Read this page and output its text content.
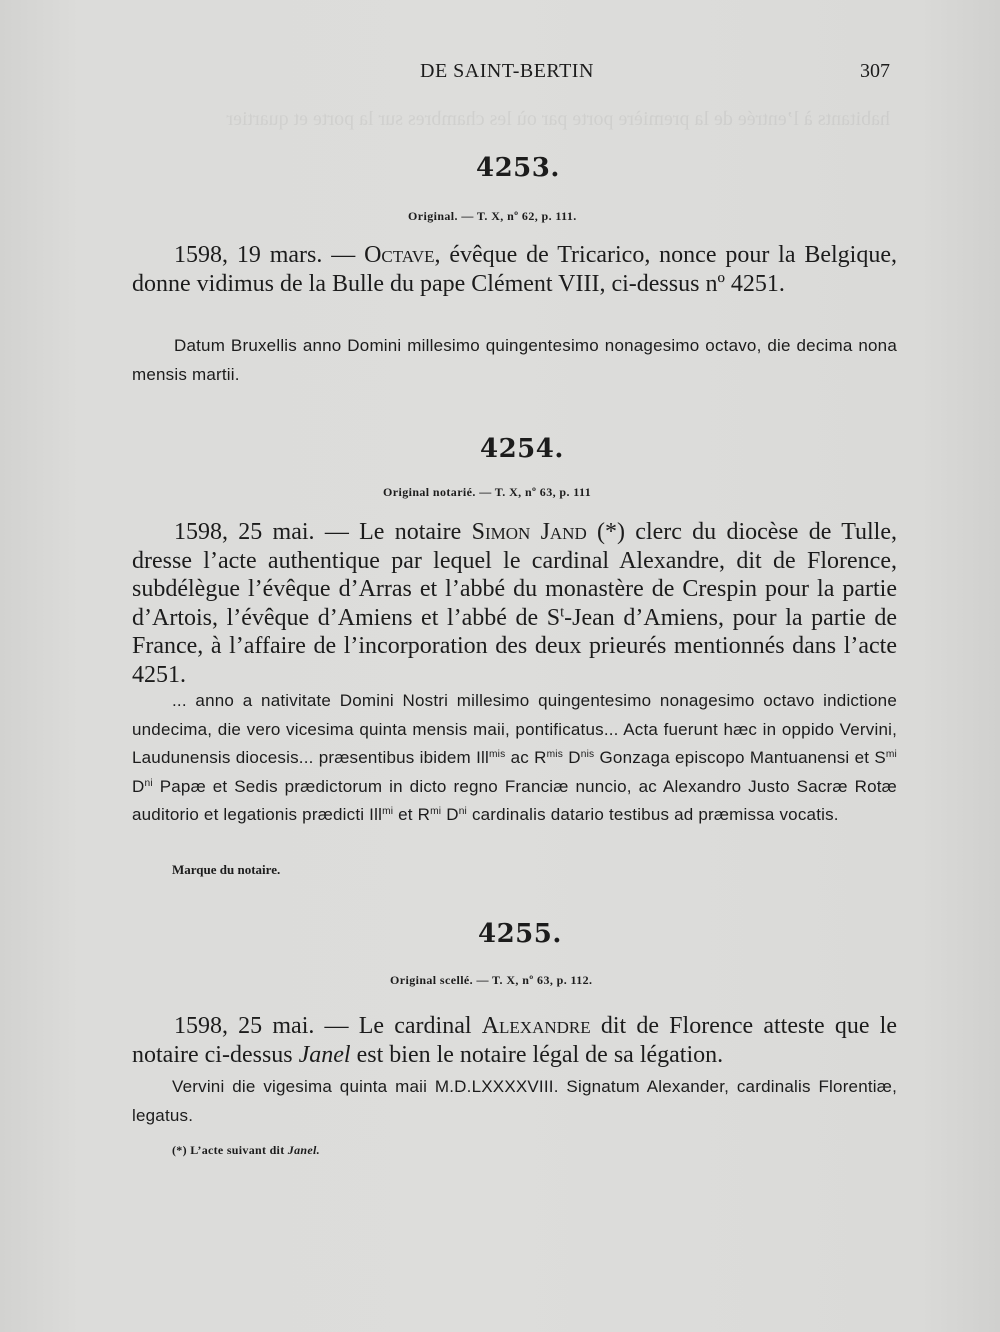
habitants à l’entrée de la première porte par où les chambres sur la porte et quartier
DE SAINT-BERTIN	307
4253.
Original. — T. X, nº 62, p. 111.
1598, 19 mars. — Octave, évêque de Tricarico, nonce pour la Belgique, donne vidimus de la Bulle du pape Clément VIII, ci-dessus nº 4251.
Datum Bruxellis anno Domini millesimo quingentesimo nonagesimo octavo, die decima nona mensis martii.
4254.
Original notarié. — T. X, nº 63, p. 111
1598, 25 mai. — Le notaire Simon Jand (*) clerc du diocèse de Tulle, dresse l’acte authentique par lequel le cardinal Alexandre, dit de Florence, subdélègue l’évêque d’Arras et l’abbé du monastère de Crespin pour la partie d’Artois, l’évêque d’Amiens et l’abbé de $S^t$-Jean d’Amiens, pour la partie de France, à l’affaire de l’incorporation des deux prieurés mentionnés dans l’acte 4251.
... anno a nativitate Domini Nostri millesimo quingentesimo nonagesimo octavo indictione undecima, die vero vicesima quinta mensis maii, pontificatus... Acta fuerunt hæc in oppido Vervini, Laudunensis diocesis... præsentibus ibidem Ill$^{mis}$ ac $R^{mis}$ $D^{nis}$ Gonzaga episcopo Mantuanensi et $S^{mi}$ $D^{ni}$ Papæ et Sedis prædictorum in dicto regno Franciæ nuncio, ac Alexandro Justo Sacræ Rotæ auditorio et legationis prædicti Ill$^{mi}$ et $R^{mi}$ $D^{ni}$ cardinalis datario testibus ad præmissa vocatis.
Marque du notaire.
4255.
Original scellé. — T. X, nº 63, p. 112.
1598, 25 mai. — Le cardinal Alexandre dit de Florence atteste que le notaire ci-dessus Janel est bien le notaire légal de sa légation.
Vervini die vigesima quinta maii M.D.LXXXXVIII. Signatum Alexander, cardinalis Florentiæ, legatus.
(*) L’acte suivant dit Janel.
